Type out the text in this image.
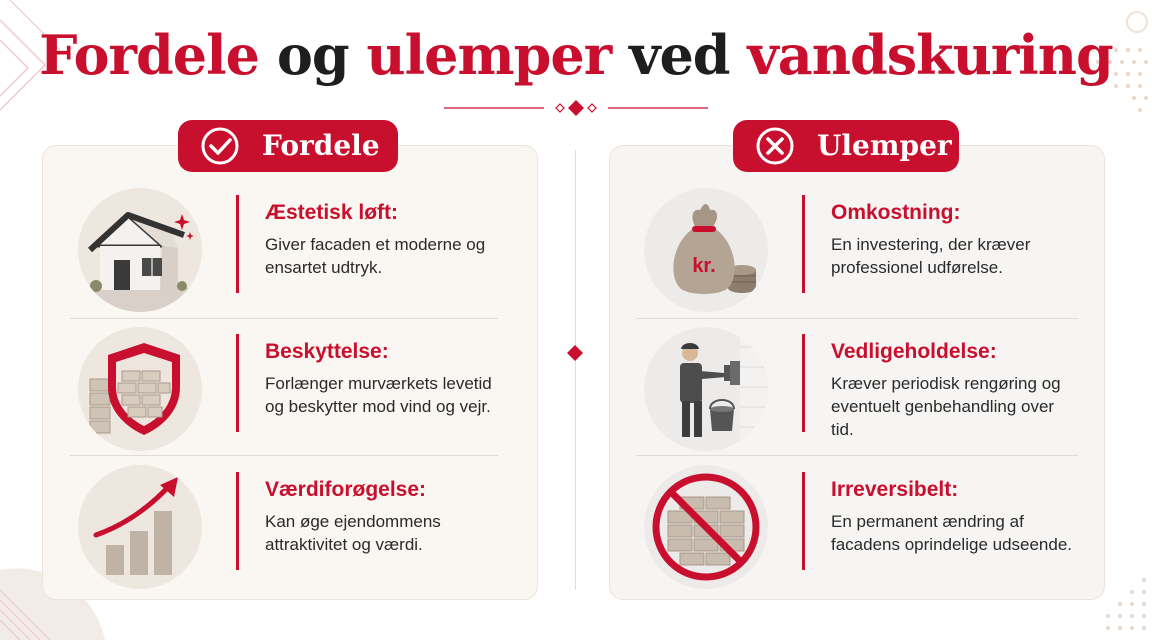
Fordele og ulemper ved vandskuring
Fordele	Ulemper
Æstetisk løft:
Giver facaden et moderne og ensartet udtryk.
Beskyttelse:
Forlænger murværkets levetid og beskytter mod vind og vejr.
Værdiforøgelse:
Kan øge ejendommens attraktivitet og værdi.
kr.
Omkostning:
En investering, der kræver professionel udførelse.
Vedligeholdelse:
Kræver periodisk rengøring og eventuelt genbehandling over tid.
Irreversibelt:
En permanent ændring af facadens oprindelige udseende.
